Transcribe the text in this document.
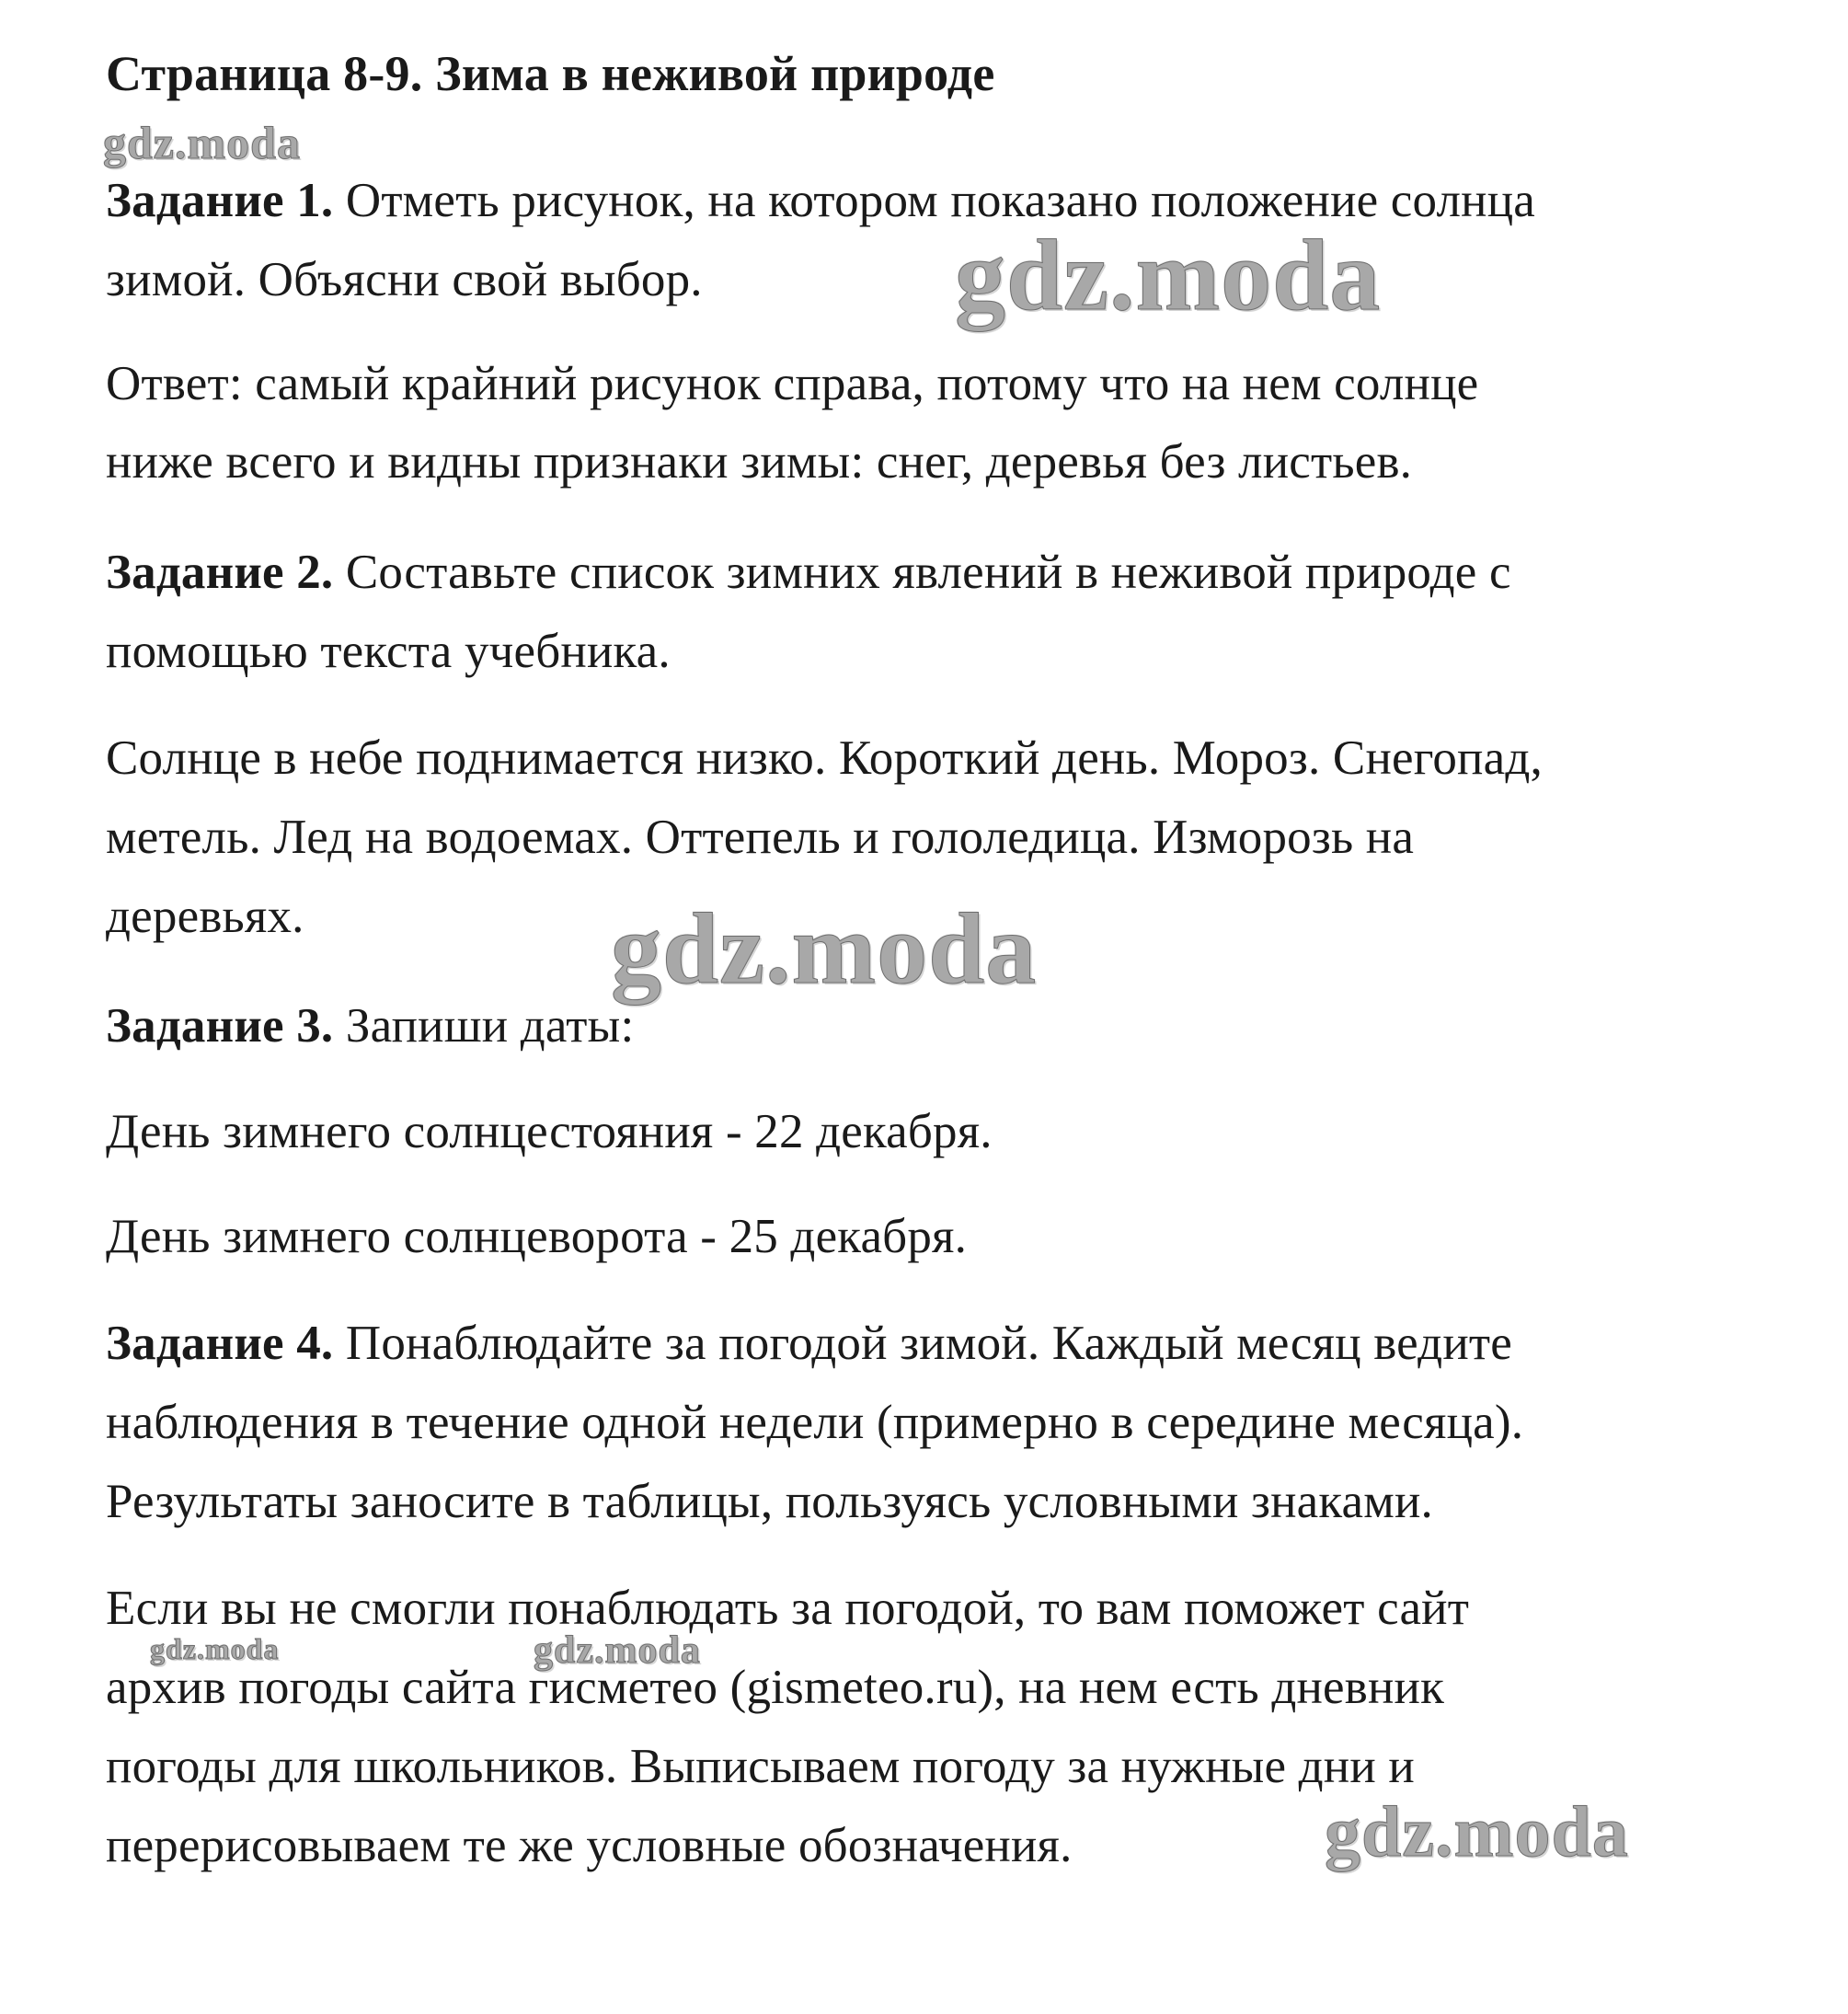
Страница 8-9. Зима в неживой природе
gdz.moda
Задание 1. Отметь рисунок, на котором показано положение солнца
зимой. Объясни свой выбор. gdz.moda
Ответ: самый крайний рисунок справа, потому что на нем солнце
ниже всего и видны признаки зимы: снег, деревья без листьев.
Задание 2. Составьте список зимних явлений в неживой природе с
помощью текста учебника.
Солнце в небе поднимается низко. Короткий день. Мороз. Снегопад,
метель. Лед на водоемах. Оттепель и гололедица. Изморозь на
деревьях.	gdz.moda
Задание 3. Запиши даты:
День зимнего солнцестояния - 22 декабря.
День зимнего солнцеворота - 25 декабря.
Задание 4. Понаблюдайте за погодой зимой. Каждый месяц ведите
наблюдения в течение одной недели (примерно в середине месяца).
Результаты заносите в таблицы, пользуясь условными знаками.
Если вы не смогли понаблюдать за погодой, то вам поможет сайт
gdz.moda	gdz.moda
архив погоды сайта гисметео (gismeteo.ru), на нем есть дневник
погоды для школьников. Выписываем погоду за нужные дни и
перерисовываем те же условные обозначения.	gdz.moda
